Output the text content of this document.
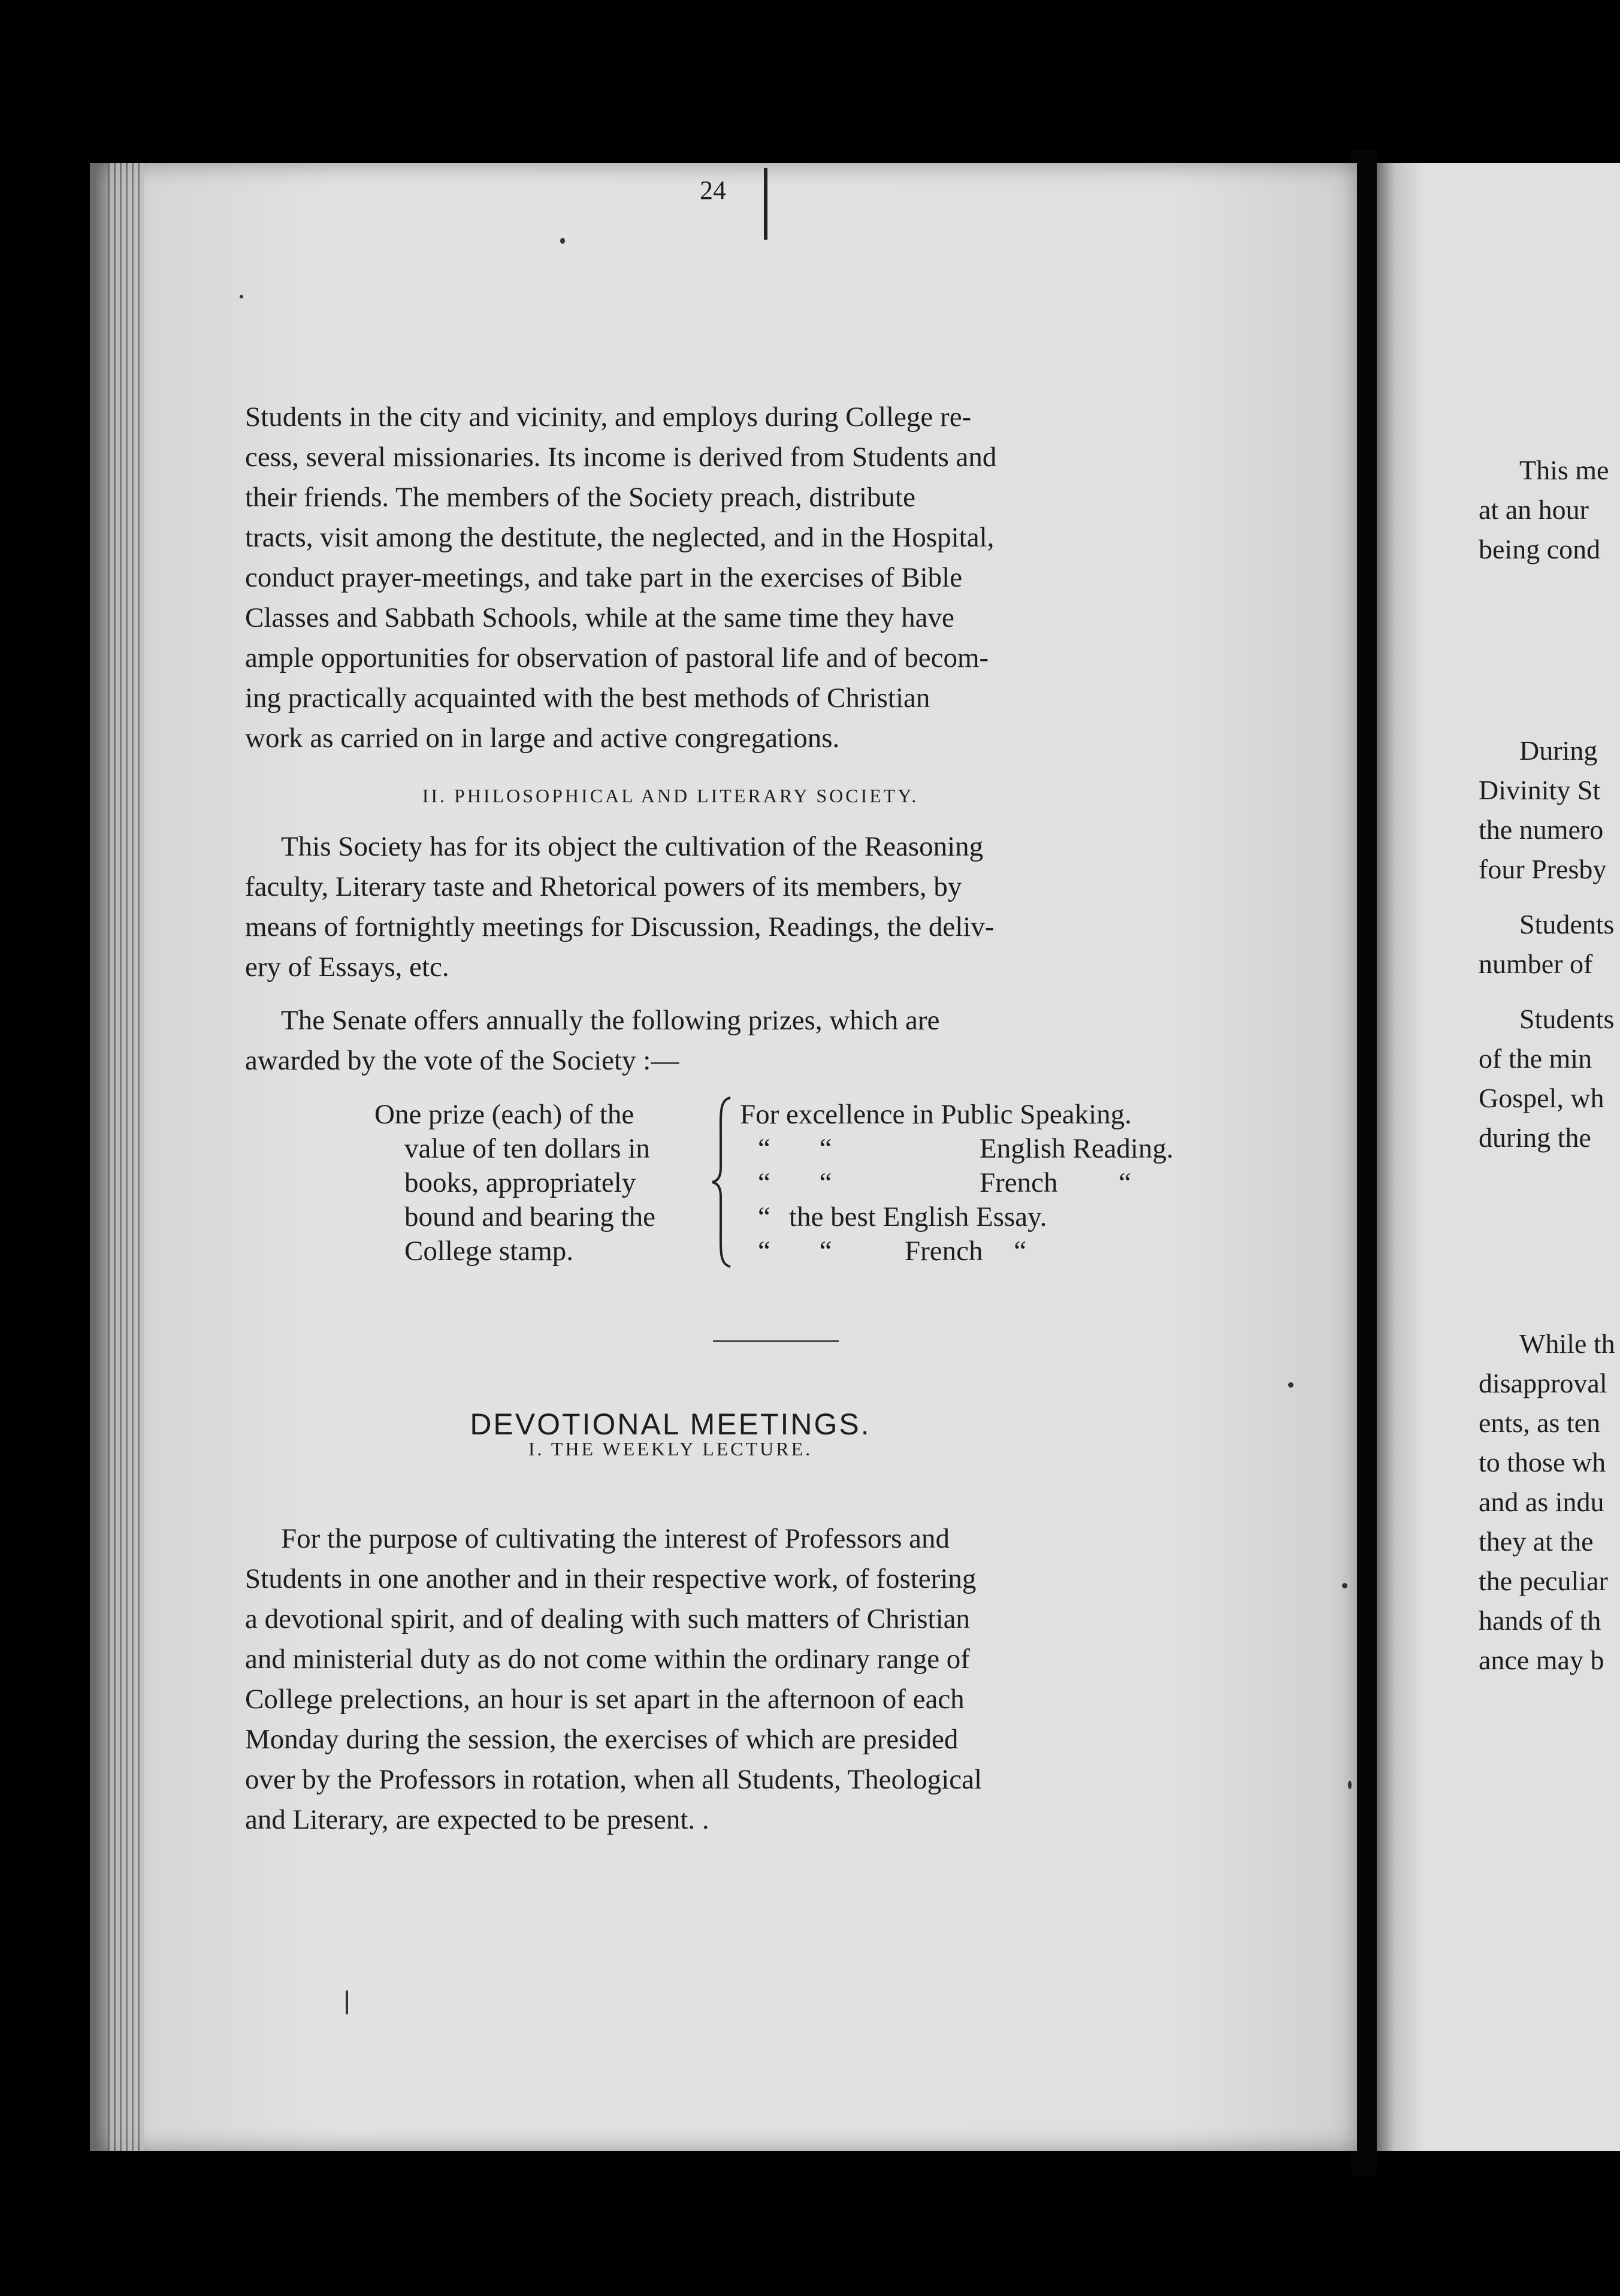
24
Students in the city and vicinity, and employs during College re-
cess, several missionaries. Its income is derived from Students and
their friends. The members of the Society preach, distribute
tracts, visit among the destitute, the neglected, and in the Hospital,
conduct prayer-meetings, and take part in the exercises of Bible
Classes and Sabbath Schools, while at the same time they have
ample opportunities for observation of pastoral life and of becom-
ing practically acquainted with the best methods of Christian
work as carried on in large and active congregations.
II. PHILOSOPHICAL AND LITERARY SOCIETY.
This Society has for its object the cultivation of the Reasoning
faculty, Literary taste and Rhetorical powers of its members, by
means of fortnightly meetings for Discussion, Readings, the deliv-
ery of Essays, etc.
The Senate offers annually the following prizes, which are
awarded by the vote of the Society :—
One prize (each) of the
value of ten dollars in
books, appropriately
bound and bearing the
College stamp.
For excellence in Public Speaking.
“ “	English Reading.
“ “	French “
“ the best English Essay.
“ “	French “
DEVOTIONAL MEETINGS.
I. THE WEEKLY LECTURE.
For the purpose of cultivating the interest of Professors and
Students in one another and in their respective work, of fostering
a devotional spirit, and of dealing with such matters of Christian
and ministerial duty as do not come within the ordinary range of
College prelections, an hour is set apart in the afternoon of each
Monday during the session, the exercises of which are presided
over by the Professors in rotation, when all Students, Theological
and Literary, are expected to be present. .
This me
at an hour
being cond
During
Divinity St
the numero
four Presby
Students
number of
Students
of the min
Gospel, wh
during the
While th
disapproval
ents, as ten
to those wh
and as indu
they at the
the peculiar
hands of th
ance may b
